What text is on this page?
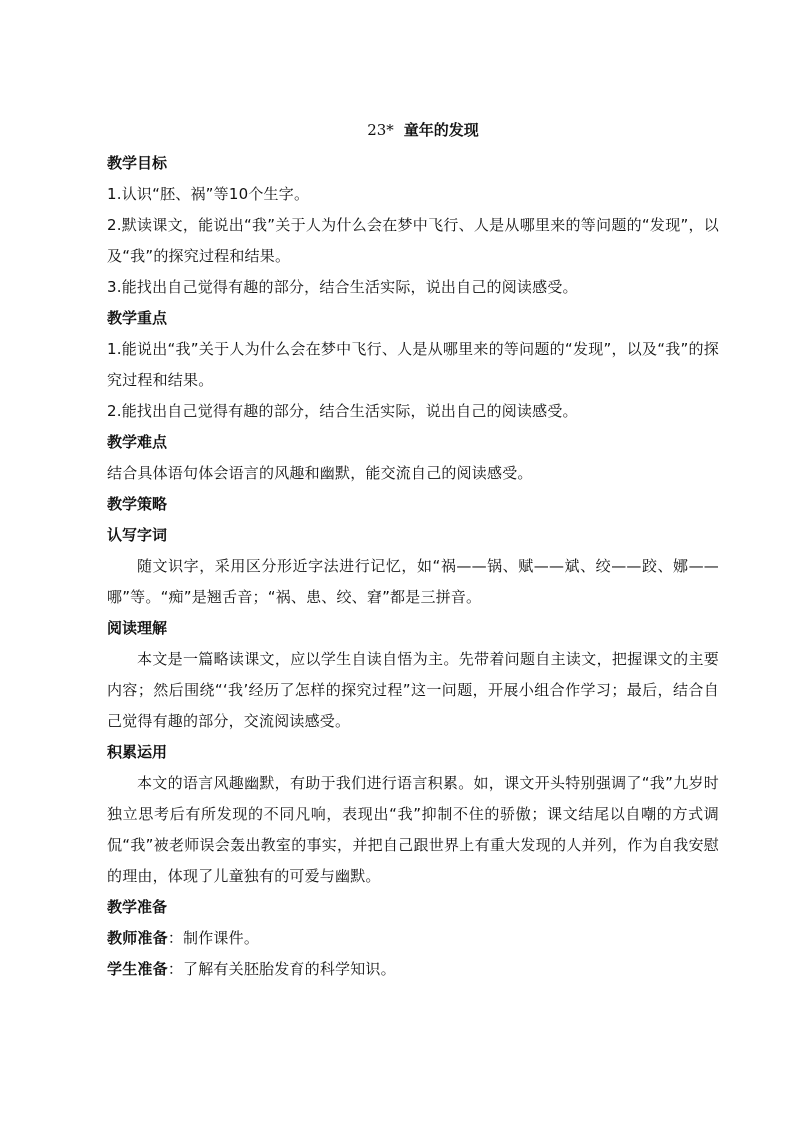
23* 童年的发现
教学目标
1.认识“胚、祸”等10个生字。
2.默读课文，能说出“我”关于人为什么会在梦中飞行、人是从哪里来的等问题的“发现”，以及“我”的探究过程和结果。
3.能找出自己觉得有趣的部分，结合生活实际，说出自己的阅读感受。
教学重点
1.能说出“我”关于人为什么会在梦中飞行、人是从哪里来的等问题的“发现”，以及“我”的探究过程和结果。
2.能找出自己觉得有趣的部分，结合生活实际，说出自己的阅读感受。
教学难点
结合具体语句体会语言的风趣和幽默，能交流自己的阅读感受。
教学策略
认写字词
随文识字，采用区分形近字法进行记忆，如“祸——锅、赋——斌、绞——跤、娜——哪”等。“痴”是翘舌音；“祸、患、绞、窘”都是三拼音。
阅读理解
本文是一篇略读课文，应以学生自读自悟为主。先带着问题自主读文，把握课文的主要内容；然后围绕“‘我’经历了怎样的探究过程”这一问题，开展小组合作学习；最后，结合自己觉得有趣的部分，交流阅读感受。
积累运用
本文的语言风趣幽默，有助于我们进行语言积累。如，课文开头特别强调了“我”九岁时独立思考后有所发现的不同凡响，表现出“我”抑制不住的骄傲；课文结尾以自嘲的方式调侃“我”被老师误会轰出教室的事实，并把自己跟世界上有重大发现的人并列，作为自我安慰的理由，体现了儿童独有的可爱与幽默。
教学准备
教师准备：制作课件。
学生准备：了解有关胚胎发育的科学知识。
